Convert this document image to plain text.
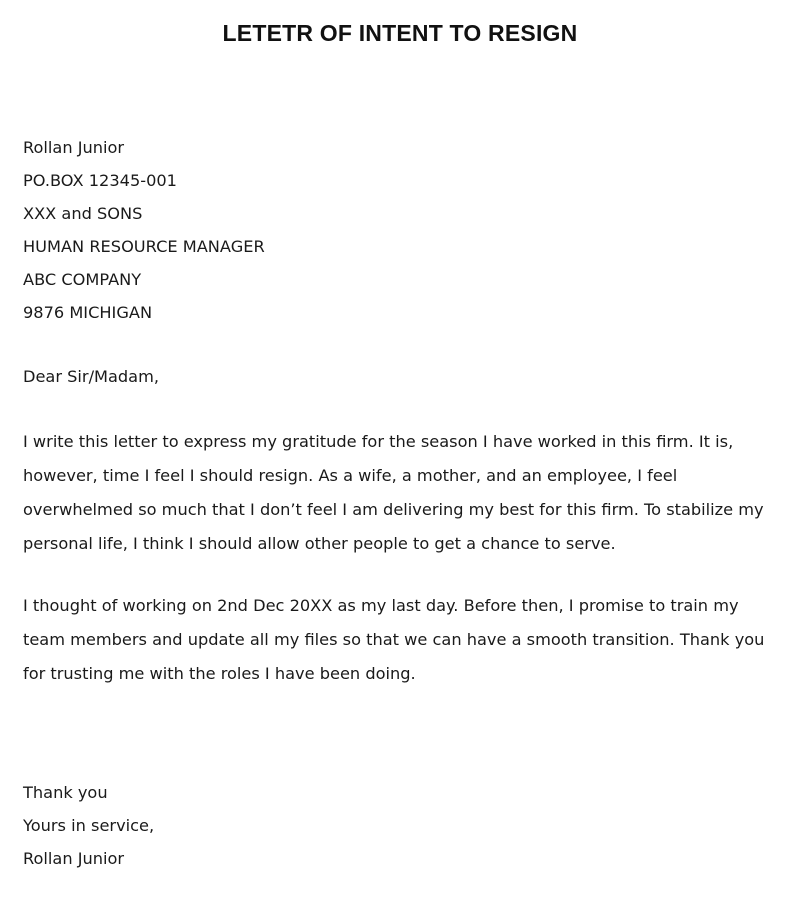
LETETR OF INTENT TO RESIGN
Rollan Junior
PO.BOX 12345-001
XXX and SONS
HUMAN RESOURCE MANAGER
ABC COMPANY
9876 MICHIGAN
Dear Sir/Madam,
I write this letter to express my gratitude for the season I have worked in this firm. It is,
however, time I feel I should resign. As a wife, a mother, and an employee, I feel
overwhelmed so much that I don’t feel I am delivering my best for this firm. To stabilize my
personal life, I think I should allow other people to get a chance to serve.
I thought of working on 2nd Dec 20XX as my last day. Before then, I promise to train my
team members and update all my files so that we can have a smooth transition. Thank you
for trusting me with the roles I have been doing.
Thank you
Yours in service,
Rollan Junior
